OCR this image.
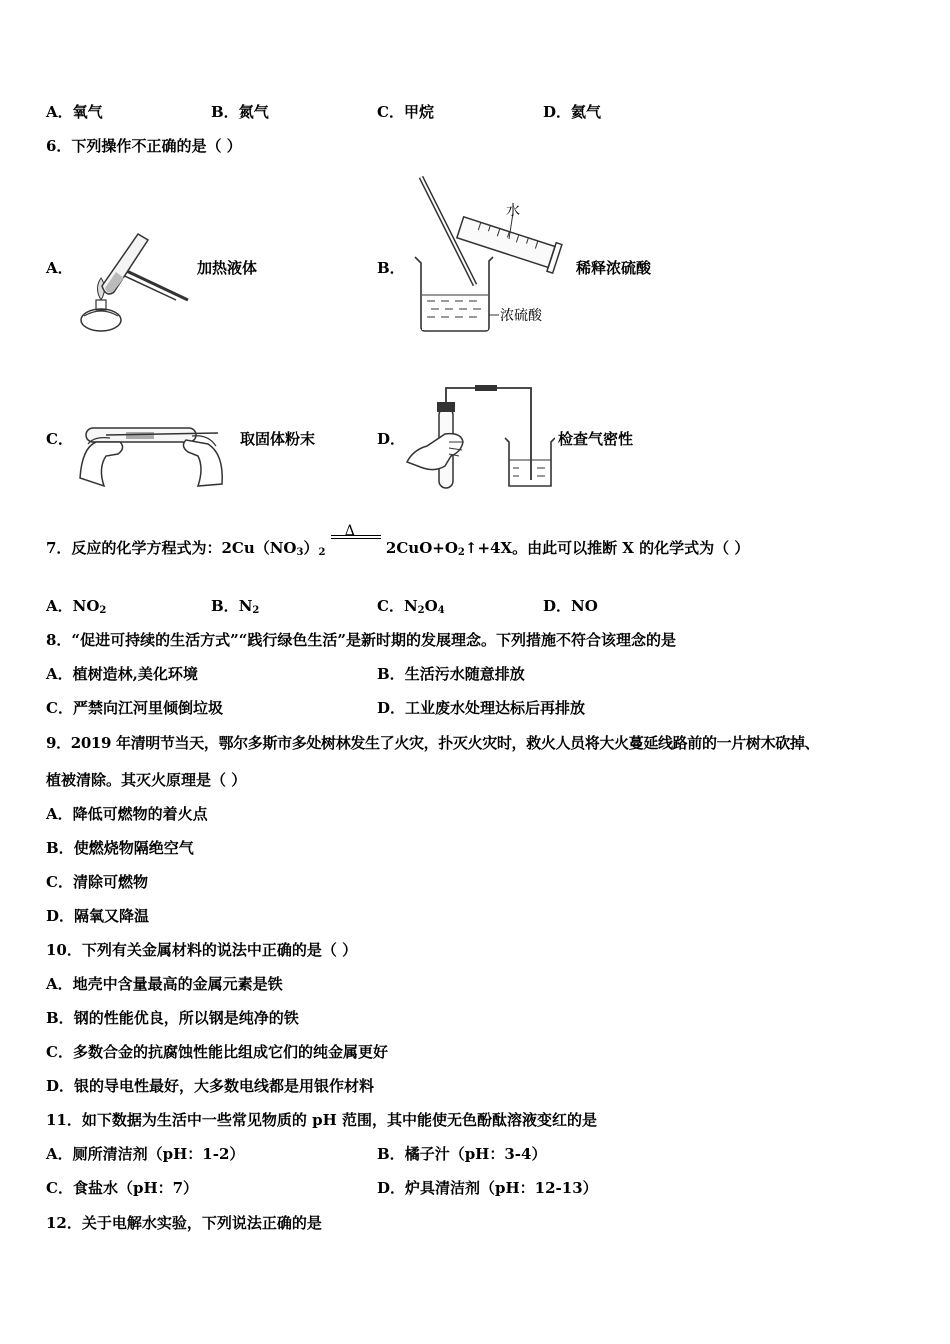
A．氧气	B．氮气	C．甲烷	D．氦气
6．下列操作不正确的是（ ）
A．	加热液体	B．
水
浓硫酸
稀释浓硫酸
C．	取固体粉末	D．	检查气密性
7．反应的化学方程式为：$2Cu(NO_3)_2$
Δ
$2CuO+O_2↑+4X$。由此可以推断 X 的化学式为（ ）
A．$NO_2$	B．$N_2$	C．$N_2O_4$	D．NO
8．“促进可持续的生活方式”“践行绿色生活”是新时期的发展理念。下列措施不符合该理念的是
A．植树造林,美化环境	B．生活污水随意排放
C．严禁向江河里倾倒垃圾	D．工业废水处理达标后再排放
9．2019 年清明节当天，鄂尔多斯市多处树林发生了火灾，扑灭火灾时，救火人员将大火蔓延线路前的一片树木砍掉、
植被清除。其灭火原理是（ ）
A．降低可燃物的着火点
B．使燃烧物隔绝空气
C．清除可燃物
D．隔氧又降温
10．下列有关金属材料的说法中正确的是（ ）
A．地壳中含量最高的金属元素是铁
B．钢的性能优良，所以钢是纯净的铁
C．多数合金的抗腐蚀性能比组成它们的纯金属更好
D．银的导电性最好，大多数电线都是用银作材料
11．如下数据为生活中一些常见物质的 pH 范围，其中能使无色酚酞溶液变红的是
A．厕所清洁剂（pH：1-2）	B．橘子汁（pH：3-4）
C．食盐水（pH：7）	D．炉具清洁剂（pH：12-13）
12．关于电解水实验，下列说法正确的是
